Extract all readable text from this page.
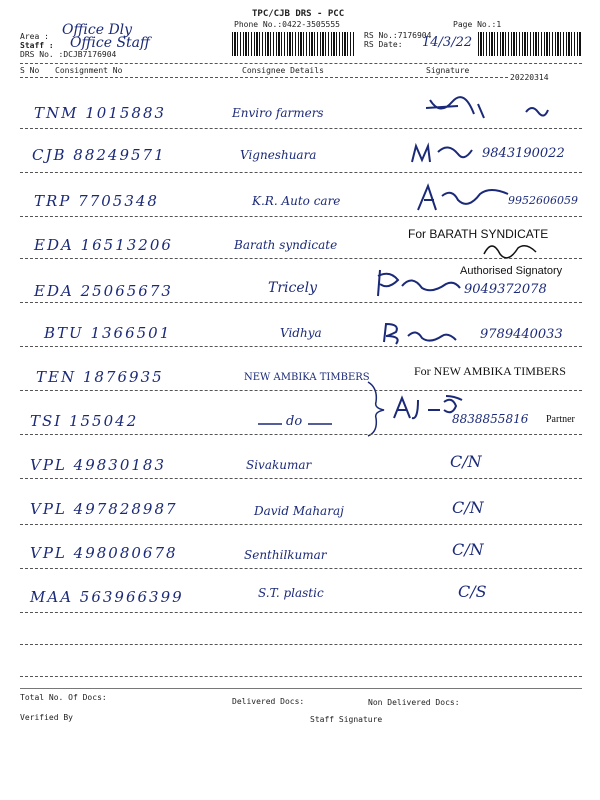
TPC/CJB DRS - PCC
Phone No.:0422-3505555	Page No.:1
Area : Office Dly
Staff : Office Staff
DRS No. :DCJB7176904
RS No.:7176904
RS Date: 14/3/22
S No Consignment No	Consignee Details	Signature
20220314
TNM 1015883	Enviro farmers
CJB 88249571	Vigneshuara	9843190022
TRP 7705348	K.R. Auto care	9952606059
EDA 16513206	Barath syndicate
For BARATH SYNDICATE
Authorised Signatory
EDA 25065673	Tricely	9049372078
BTU 1366501	Vidhya	9789440033
TEN 1876935	NEW AMBIKA TIMBERS	For NEW AMBIKA TIMBERS
TSI 155042	do	8838855816 Partner
VPL 49830183	Sivakumar	C/N
VPL 497828987	David Maharaj	C/N
VPL 498080678	Senthilkumar	C/N
MAA 563966399	S.T. plastic	C/S
Total No. Of Docs:	Delivered Docs:	Non Delivered Docs:
Verified By	Staff Signature
